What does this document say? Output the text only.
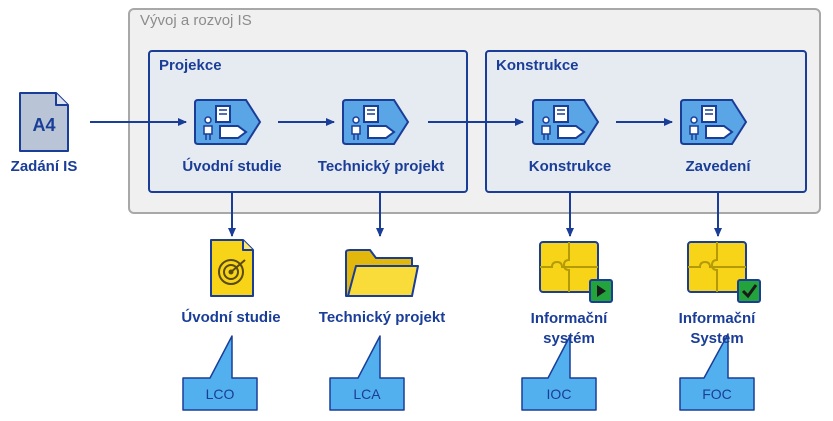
Vývoj a rozvoj IS
Projekce	Konstrukce
A4
Zadání IS	Úvodní studie Technický projekt	Konstrukce	Zavedení
Úvodní studie	Technický projekt	Informační
systém
Informační
System
LCO	LCA	IOC	FOC
